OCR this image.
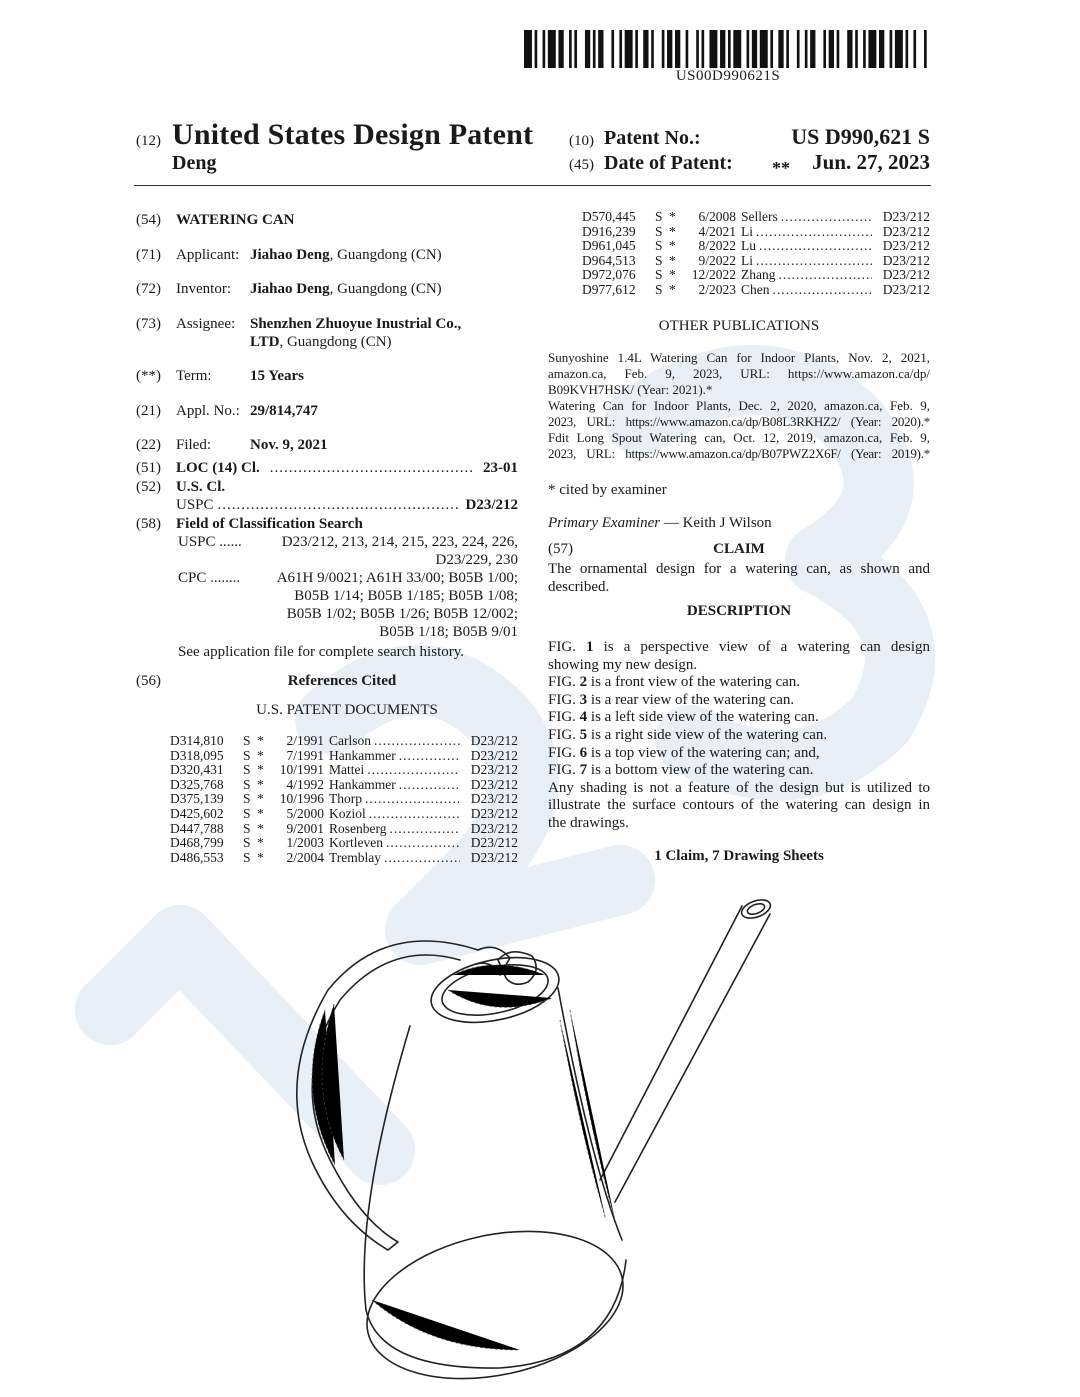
US00D990621S
(12) United States Design Patent
Deng
(10) Patent No.:	US D990,621 S
(45) Date of Patent: **	Jun. 27, 2023
(54)	WATERING CAN
(71)	Applicant: Jiahao Deng, Guangdong (CN)
(72)	Inventor:	Jiahao Deng, Guangdong (CN)
(73)	Assignee: Shenzhen Zhuoyue Inustrial Co.,
LTD , Guangdong (CN)
(**)	Term:	15 Years
(21)	Appl. No.: 29/814,747
(22)	Filed:	Nov. 9, 2021
(51)	LOC (14) Cl. .....	23-01
(52)	U.S. Cl.
USPC .....	D23/212
(58)	Field of Classification Search
USPC ......	D23/212, 213, 214, 215, 223, 224, 226,
D23/229, 230
CPC ........ A61H 9/0021; A61H 33/00; B05B 1/00;
B05B 1/14; B05B 1/185; B05B 1/08;
B05B 1/02; B05B 1/26; B05B 12/002;
B05B 1/18; B05B 9/01
See application file for complete search history.
(56)	References Cited
U.S. PATENT DOCUMENTS
D314,810	S *	2/1991 Carlson .....	D23/212
D318,095	S *	7/1991 Hankammer .....	D23/212
D320,431	S *	10/1991 Mattei .....	D23/212
D325,768	S *	4/1992 Hankammer .....	D23/212
D375,139	S *	10/1996 Thorp .....	D23/212
D425,602	S *	5/2000 Koziol .....	D23/212
D447,788	S *	9/2001 Rosenberg .....	D23/212
D468,799	S *	1/2003 Kortleven .....	D23/212
D486,553	S *	2/2004 Tremblay .....	D23/212
D570,445	S *	6/2008 Sellers .....	D23/212
D916,239	S *	4/2021 Li .....	D23/212
D961,045	S *	8/2022 Lu .....	D23/212
D964,513	S *	9/2022 Li .....	D23/212
D972,076	S *	12/2022 Zhang .....	D23/212
D977,612	S *	2/2023 Chen .....	D23/212
OTHER PUBLICATIONS
Sunyoshine 1.4L Watering Can for Indoor Plants, Nov. 2, 2021,
amazon.ca, Feb. 9, 2023, URL: https://www.amazon.ca/dp/
B09KVH7HSK/ (Year: 2021).*
Watering Can for Indoor Plants, Dec. 2, 2020, amazon.ca, Feb. 9,
2023, URL: https://www.amazon.ca/dp/B08L3RKHZ2/ (Year: 2020).*
Fdit Long Spout Watering can, Oct. 12, 2019, amazon.ca, Feb. 9,
2023, URL: https://www.amazon.ca/dp/B07PWZ2X6F/ (Year: 2019).*
* cited by examiner
Primary Examiner — Keith J Wilson
(57)	CLAIM
The ornamental design for a watering can, as shown and
described.
DESCRIPTION
FIG. 1 is a perspective view of a watering can design
showing my new design.
FIG. 2 is a front view of the watering can.
FIG. 3 is a rear view of the watering can.
FIG. 4 is a left side view of the watering can.
FIG. 5 is a right side view of the watering can.
FIG. 6 is a top view of the watering can; and,
FIG. 7 is a bottom view of the watering can.
Any shading is not a feature of the design but is utilized to
illustrate the surface contours of the watering can design in
the drawings.
1 Claim, 7 Drawing Sheets
